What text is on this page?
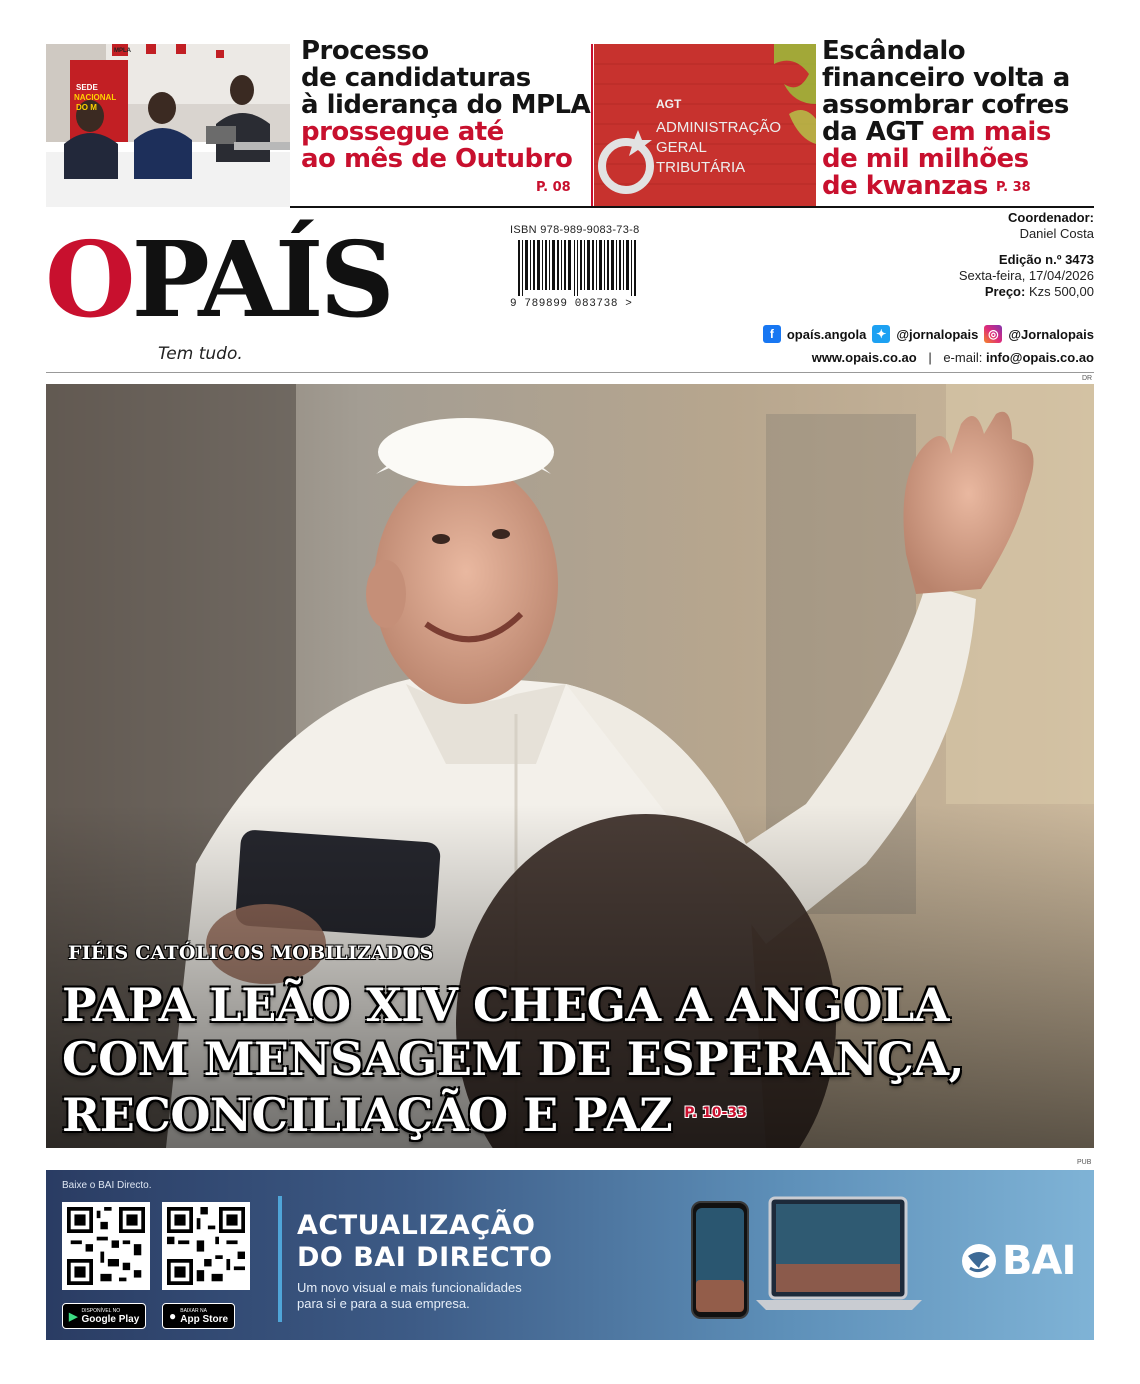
MPLA
SEDE
NACIONAL
DO M
Processo
de candidaturas
à liderança do MPLA
prossegue até
ao mês de Outubro
P. 08
AGT
ADMINISTRAÇÃO
GERAL
TRIBUTÁRIA
Escândalo
financeiro volta a
assombrar cofres
da AGT em mais
de mil milhões
de kwanzas P. 38
OPAÍS
Tem tudo.
ISBN 978-989-9083-73-8
9 789899 083738 >
Coordenador:
Daniel Costa
Edição n.º 3473
Sexta-feira, 17/04/2026
Preço: Kzs 500,00
f	opaís.angola ✦ @jornalopais ◎ @Jornalopais
www.opais.co.ao | e-mail: info@opais.co.ao
DR
FIÉIS CATÓLICOS MOBILIZADOS
PAPA LEÃO XIV CHEGA A ANGOLA
COM MENSAGEM DE ESPERANÇA,
RECONCILIAÇÃO E PAZ $^{P. 10-33}$
PUB
Baixe o BAI Directo.
▶ DISPONÍVEL NO
Google Play ● BAIXAR NA
App Store
ACTUALIZAÇÃO
DO BAI DIRECTO
Um novo visual e mais funcionalidades
para si e para a sua empresa.
BAI
